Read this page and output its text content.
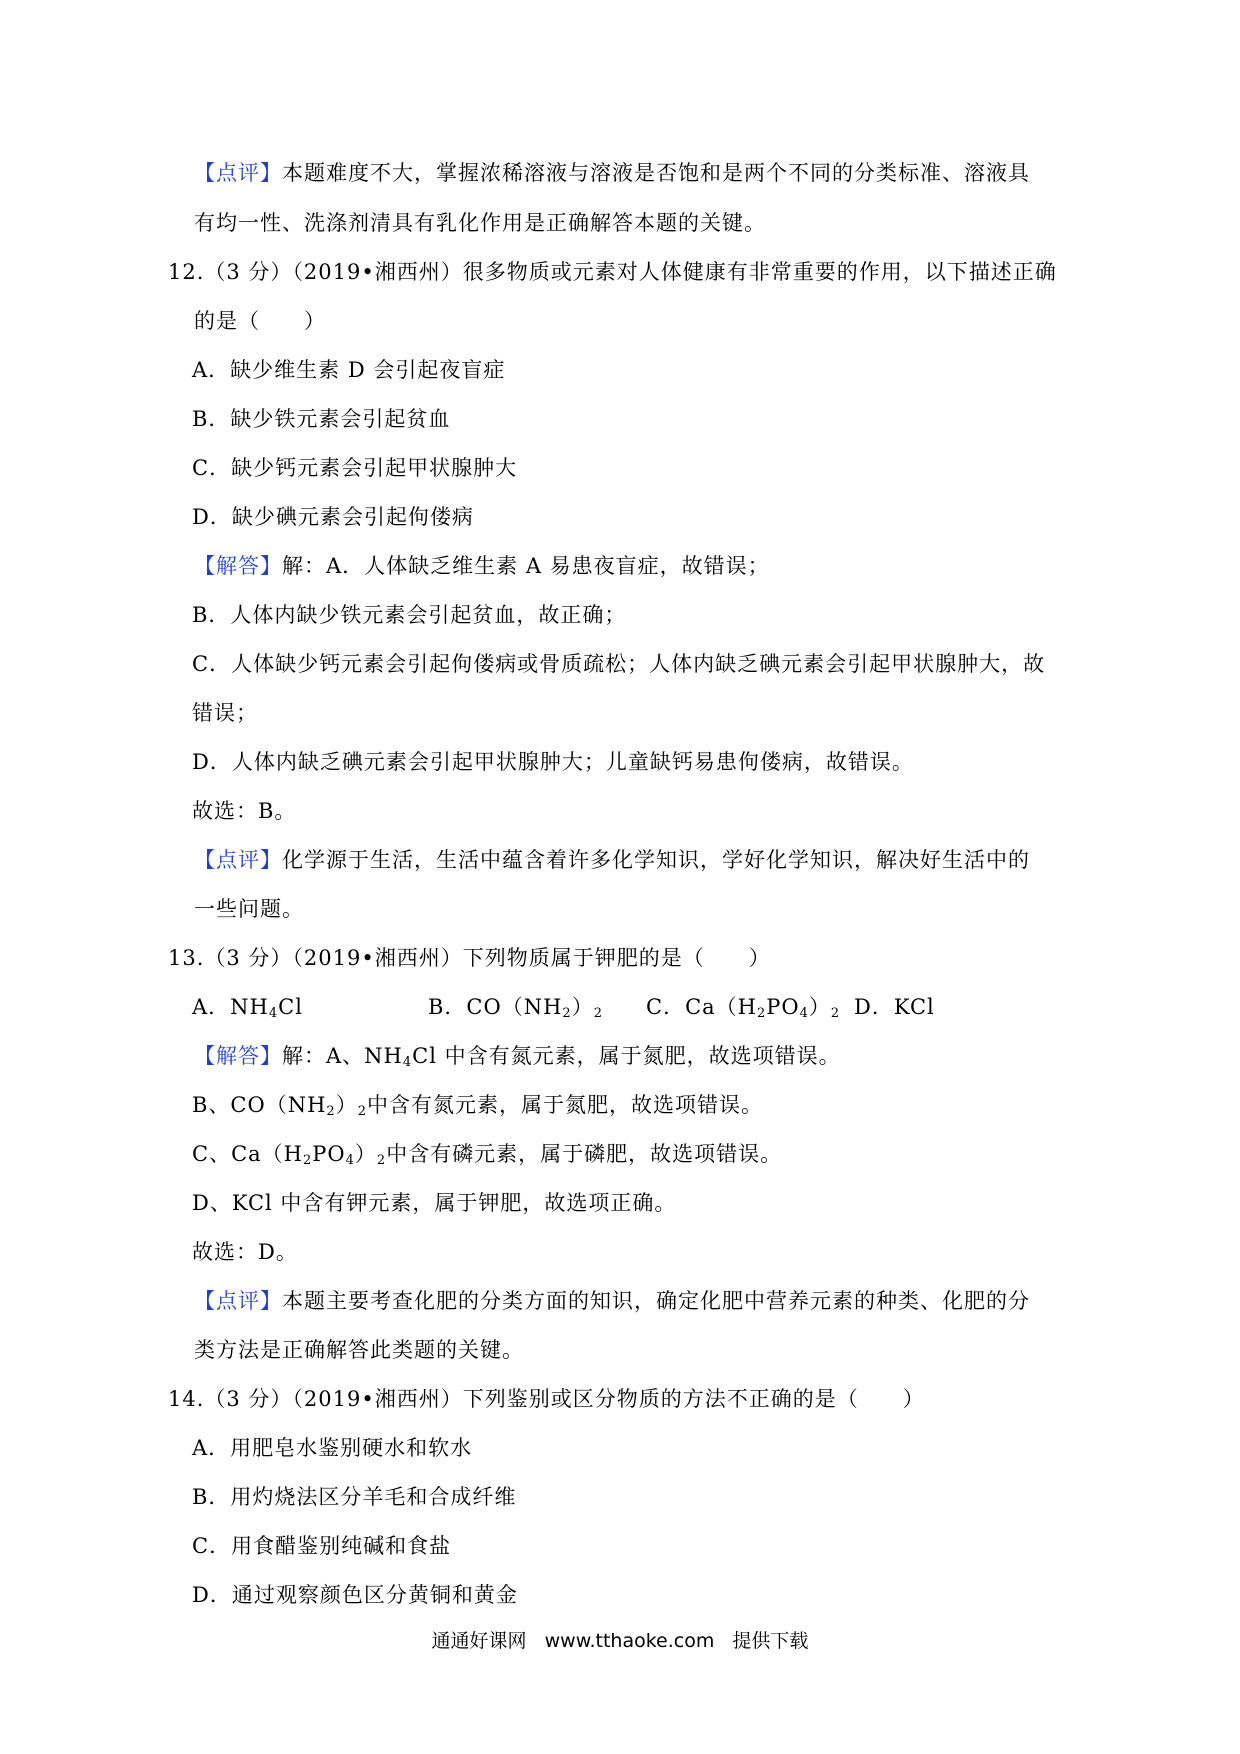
【点评】本题难度不大，掌握浓稀溶液与溶液是否饱和是两个不同的分类标准、溶液具
有均一性、洗涤剂清具有乳化作用是正确解答本题的关键。
12.（3 分）（2019•湘西州）很多物质或元素对人体健康有非常重要的作用，以下描述正确
的是（　　）
A．缺少维生素 D 会引起夜盲症
B．缺少铁元素会引起贫血
C．缺少钙元素会引起甲状腺肿大
D．缺少碘元素会引起佝偻病
【解答】解：A．人体缺乏维生素 A 易患夜盲症，故错误；
B．人体内缺少铁元素会引起贫血，故正确；
C．人体缺少钙元素会引起佝偻病或骨质疏松；人体内缺乏碘元素会引起甲状腺肿大，故
错误；
D．人体内缺乏碘元素会引起甲状腺肿大；儿童缺钙易患佝偻病，故错误。
故选：B。
【点评】化学源于生活，生活中蕴含着许多化学知识，学好化学知识，解决好生活中的
一些问题。
13.（3 分）（2019•湘西州）下列物质属于钾肥的是（　　）
A．$NH_4Cl$	B．$CO(NH_2)_2$ C．$Ca(H_2PO_4)_2$ D．KCl
【解答】解：A、$NH_4Cl$ 中含有氮元素，属于氮肥，故选项错误。
B、$CO(NH_2)_2$中含有氮元素，属于氮肥，故选项错误。
C、$Ca(H_2PO_4)_2$中含有磷元素，属于磷肥，故选项错误。
D、KCl 中含有钾元素，属于钾肥，故选项正确。
故选：D。
【点评】本题主要考查化肥的分类方面的知识，确定化肥中营养元素的种类、化肥的分
类方法是正确解答此类题的关键。
14.（3 分）（2019•湘西州）下列鉴别或区分物质的方法不正确的是（　　）
A．用肥皂水鉴别硬水和软水
B．用灼烧法区分羊毛和合成纤维
C．用食醋鉴别纯碱和食盐
D．通过观察颜色区分黄铜和黄金
通通好课网 www.tthaoke.com 提供下载
